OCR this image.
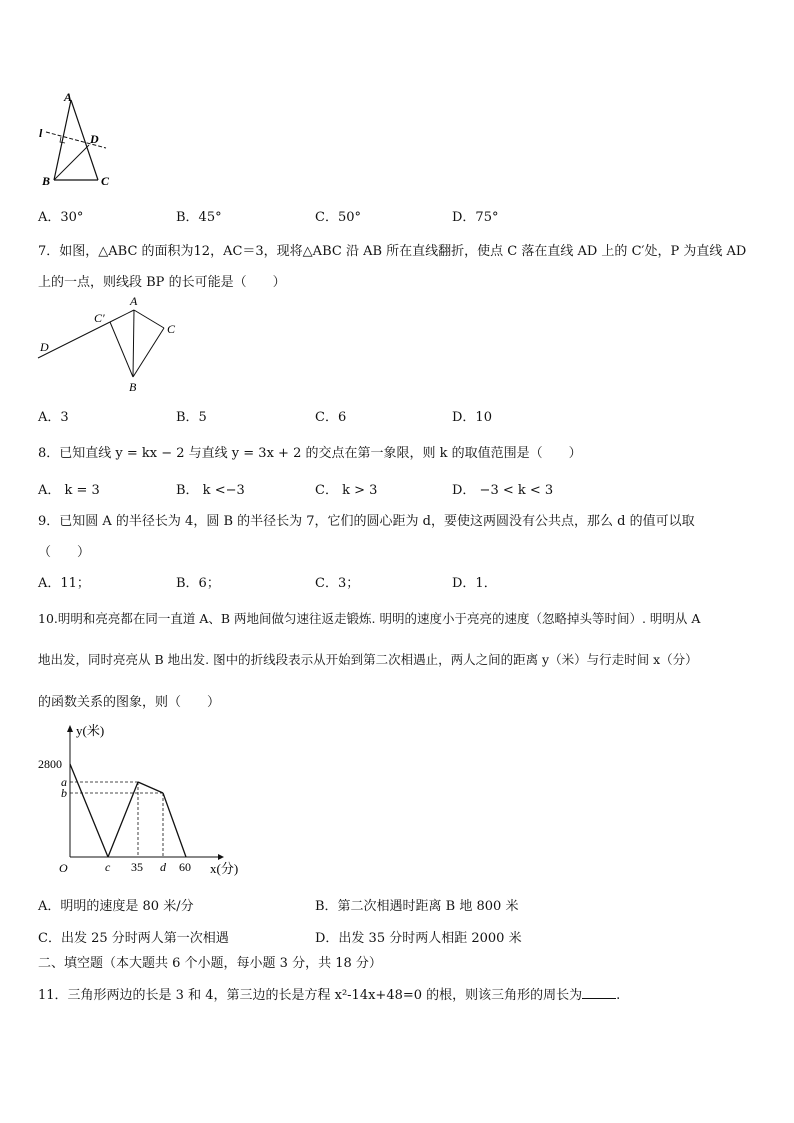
A
B	C
D
l
A．30°	B．45°	C．50°	D．75°
7．如图，△ABC 的面积为12，AC＝3，现将△ABC 沿 AB 所在直线翻折，使点 C 落在直线 AD 上的 C′处，P 为直线 AD
上的一点，则线段 BP 的长可能是（　　）
A
C′
C
D
B
A．3	B．5	C．6	D．10
8．已知直线 y = kx − 2 与直线 y = 3x + 2 的交点在第一象限，则 k 的取值范围是（　　）
A． k = 3	B． k <−3	C． k > 3	D． −3 < k < 3
9．已知圆 A 的半径长为 4，圆 B 的半径长为 7，它们的圆心距为 d，要使这两圆没有公共点，那么 d 的值可以取
（　　）
A．11；	B．6；	C．3；	D．1．
10.明明和亮亮都在同一直道 A、B 两地间做匀速往返走锻炼. 明明的速度小于亮亮的速度（忽略掉头等时间）. 明明从 A
地出发，同时亮亮从 B 地出发. 图中的折线段表示从开始到第二次相遇止，两人之间的距离 y（米）与行走时间 x（分）
的函数关系的图象，则（　　）
y(米)
x(分)
O	c 35 d 60
2800
a
b
A．明明的速度是 80 米/分	B．第二次相遇时距离 B 地 800 米
C．出发 25 分时两人第一次相遇	D．出发 35 分时两人相距 2000 米
二、填空题（本大题共 6 个小题，每小题 3 分，共 18 分）
11．三角形两边的长是 3 和 4，第三边的长是方程 x²-14x+48=0 的根，则该三角形的周长为	.
